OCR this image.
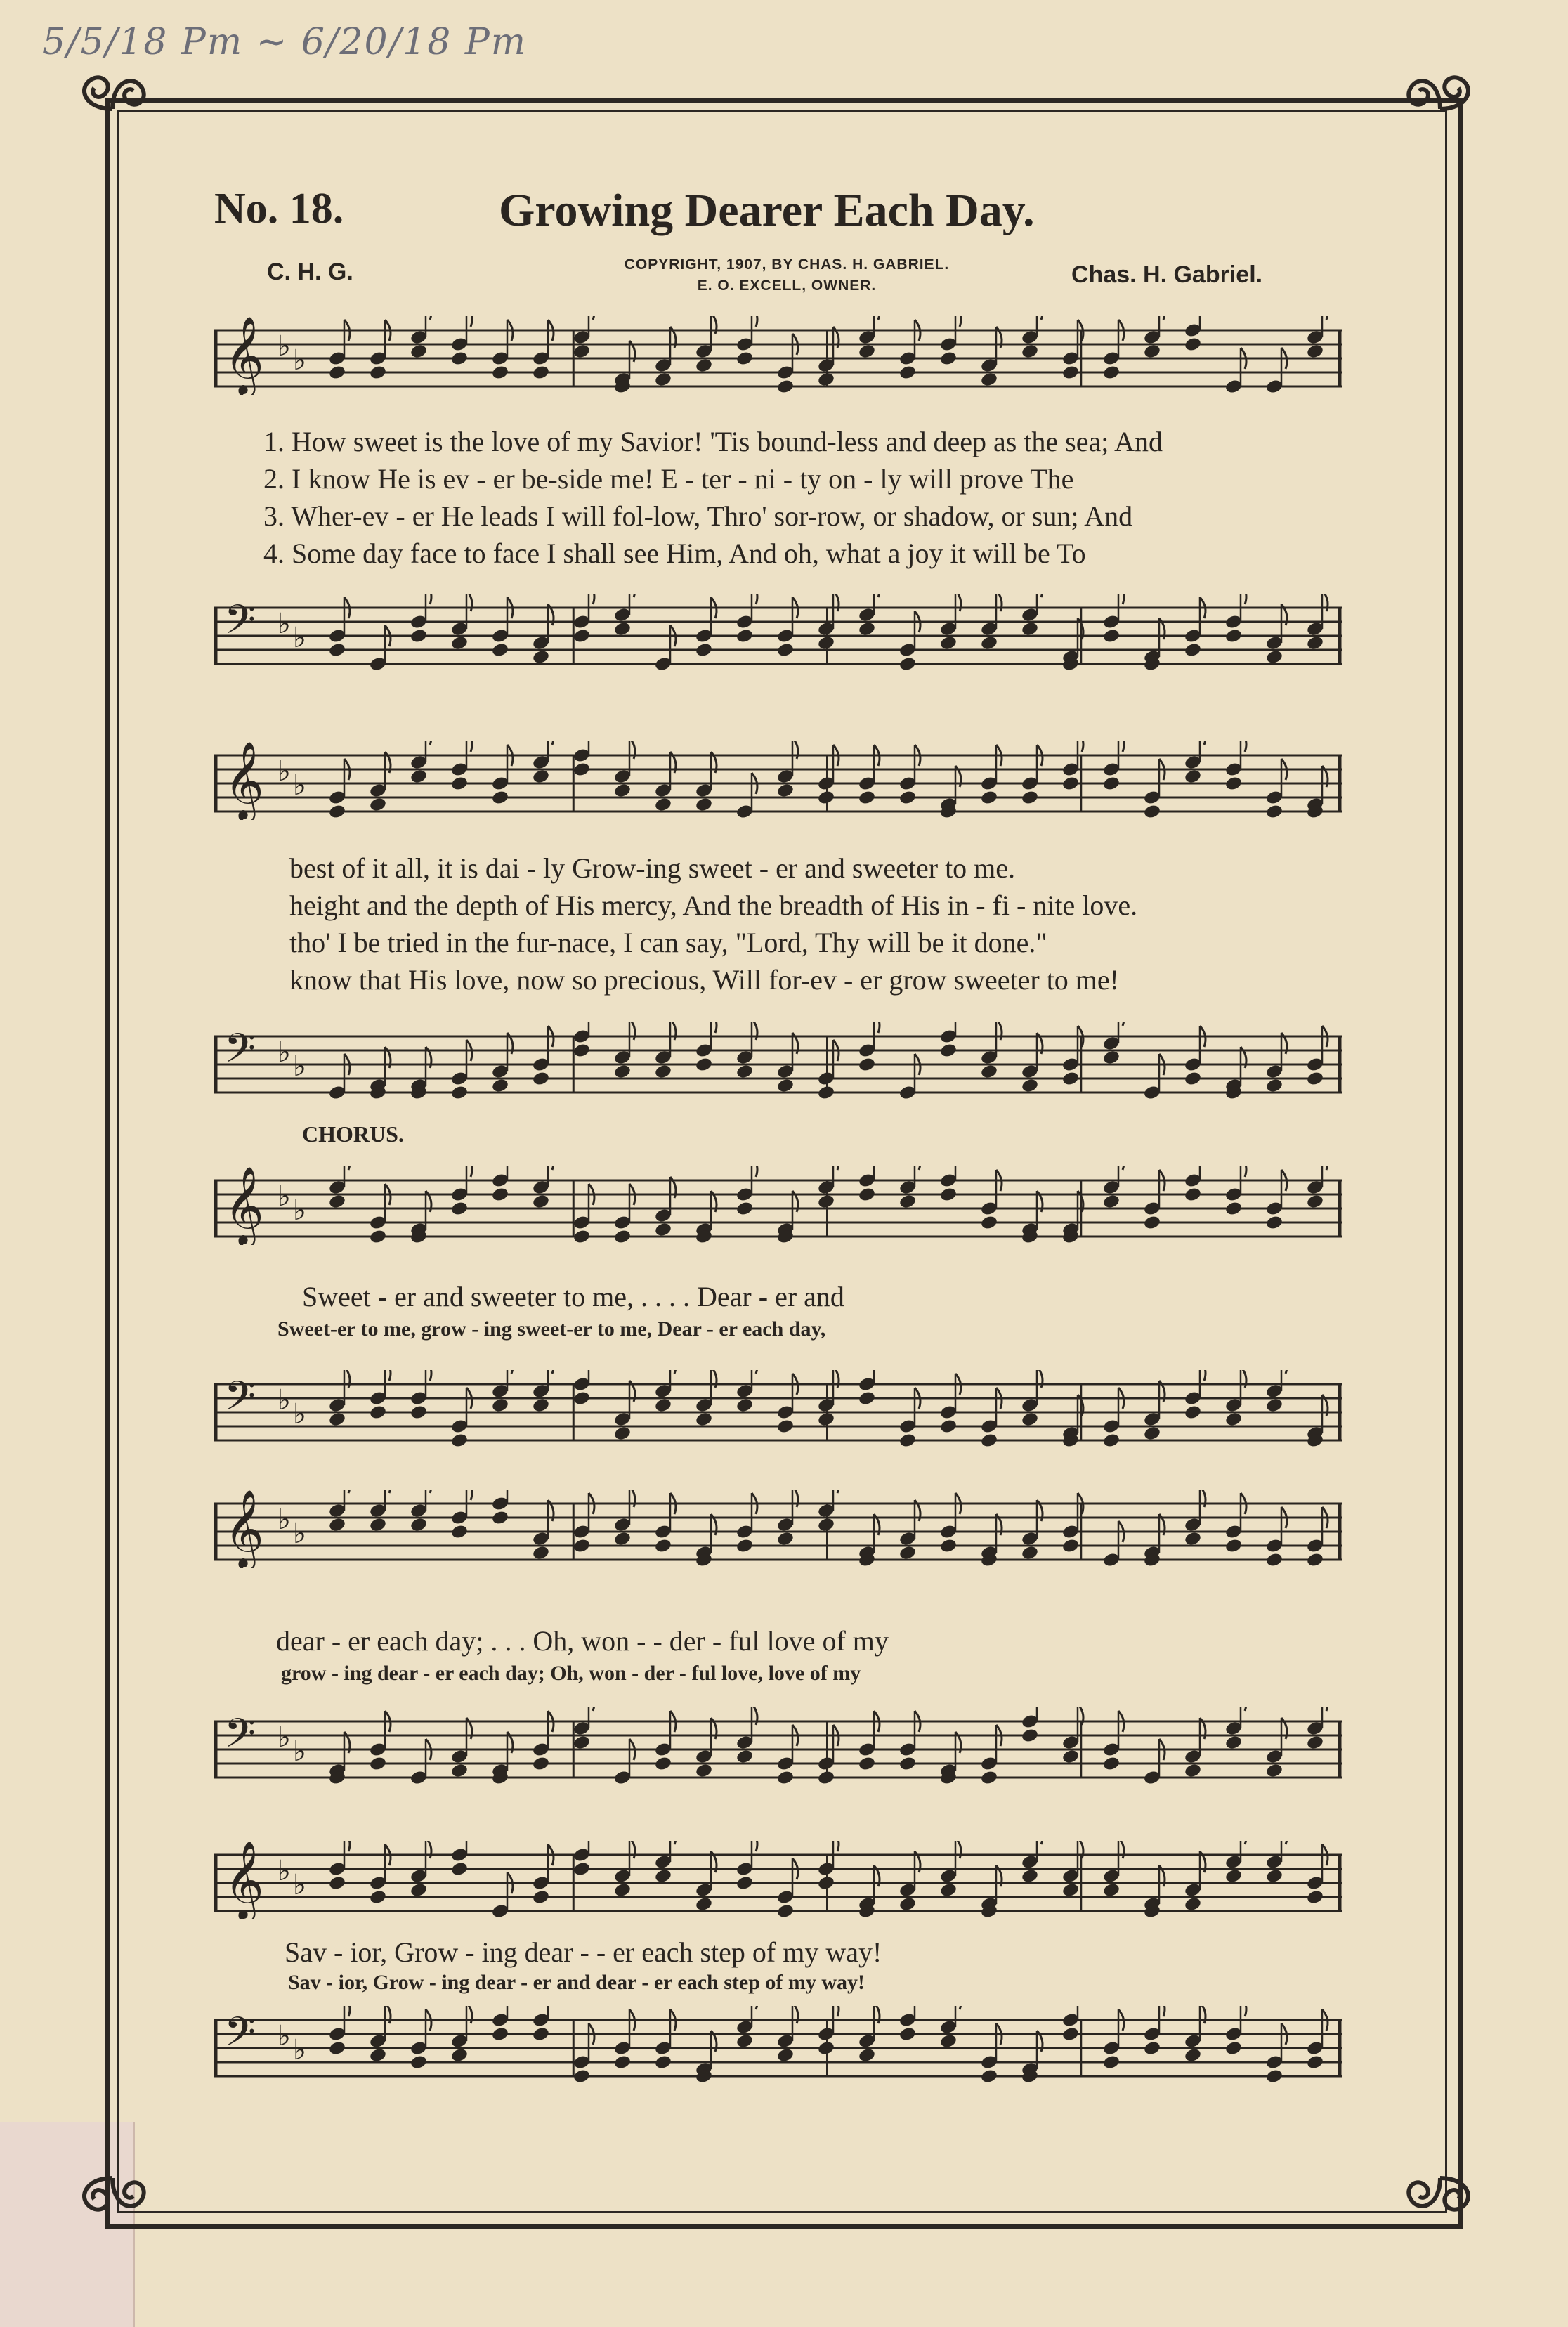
5/5/18 Pm ~ 6/20/18 Pm
No. 18.	Growing Dearer Each Day.
C. H. G.	COPYRIGHT, 1907, BY CHAS. H. GABRIEL.
E. O. EXCELL, OWNER.	Chas. H. Gabriel.
𝄞 ♭ ♭
𝄢 ♭ ♭
1. How sweet is the love of my Savior! 'Tis bound-less and deep as the sea; And
2. I know He is ev - er be-side me! E - ter - ni - ty on - ly will prove The
3. Wher-ev - er He leads I will fol-low, Thro' sor-row, or shadow, or sun; And
4. Some day face to face I shall see Him, And oh, what a joy it will be To
𝄞 ♭ ♭
𝄢 ♭ ♭
best of it all, it is dai - ly Grow-ing sweet - er and sweeter to me.
height and the depth of His mercy, And the breadth of His in - fi - nite love.
tho' I be tried in the fur-nace, I can say, "Lord, Thy will be it done."
know that His love, now so precious, Will for-ev - er grow sweeter to me!
CHORUS.
𝄞 ♭ ♭
Sweet - er and sweeter to me, . . . . Dear - er and
Sweet-er to me, grow - ing sweet-er to me, Dear - er each day,
𝄢 ♭ ♭
𝄞 ♭ ♭
dear - er each day; . . . Oh, won - - der - ful love of my
grow - ing dear - er each day; Oh, won - der - ful love, love of my
𝄢 ♭ ♭
𝄞 ♭ ♭
Sav - ior, Grow - ing dear - - er each step of my way!
Sav - ior, Grow - ing dear - er and dear - er each step of my way!
𝄢 ♭ ♭
